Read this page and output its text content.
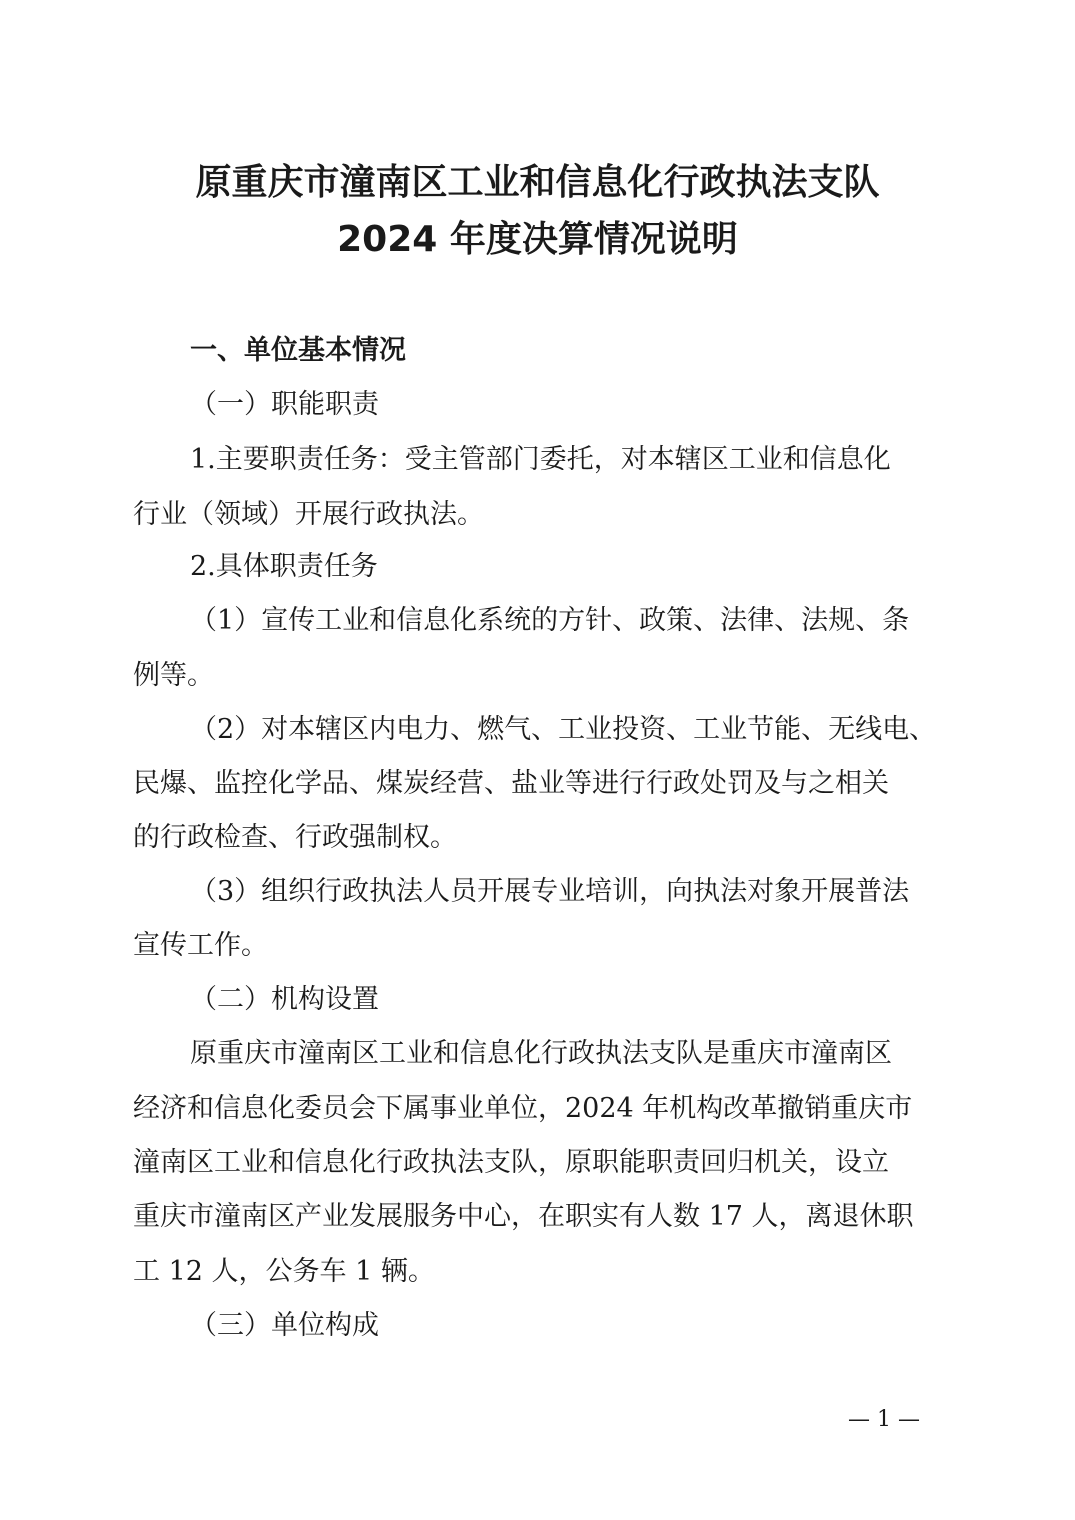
原重庆市潼南区工业和信息化行政执法支队
2024 年度决算情况说明
一、单位基本情况
（一）职能职责
1.主要职责任务：受主管部门委托，对本辖区工业和信息化
行业（领域）开展行政执法。
2.具体职责任务
（1）宣传工业和信息化系统的方针、政策、法律、法规、条
例等。
（2）对本辖区内电力、燃气、工业投资、工业节能、无线电、
民爆、监控化学品、煤炭经营、盐业等进行行政处罚及与之相关
的行政检查、行政强制权。
（3）组织行政执法人员开展专业培训，向执法对象开展普法
宣传工作。
（二）机构设置
原重庆市潼南区工业和信息化行政执法支队是重庆市潼南区
经济和信息化委员会下属事业单位，2024 年机构改革撤销重庆市
潼南区工业和信息化行政执法支队，原职能职责回归机关，设立
重庆市潼南区产业发展服务中心，在职实有人数 17 人，离退休职
工 12 人，公务车 1 辆。
（三）单位构成
— 1 —
